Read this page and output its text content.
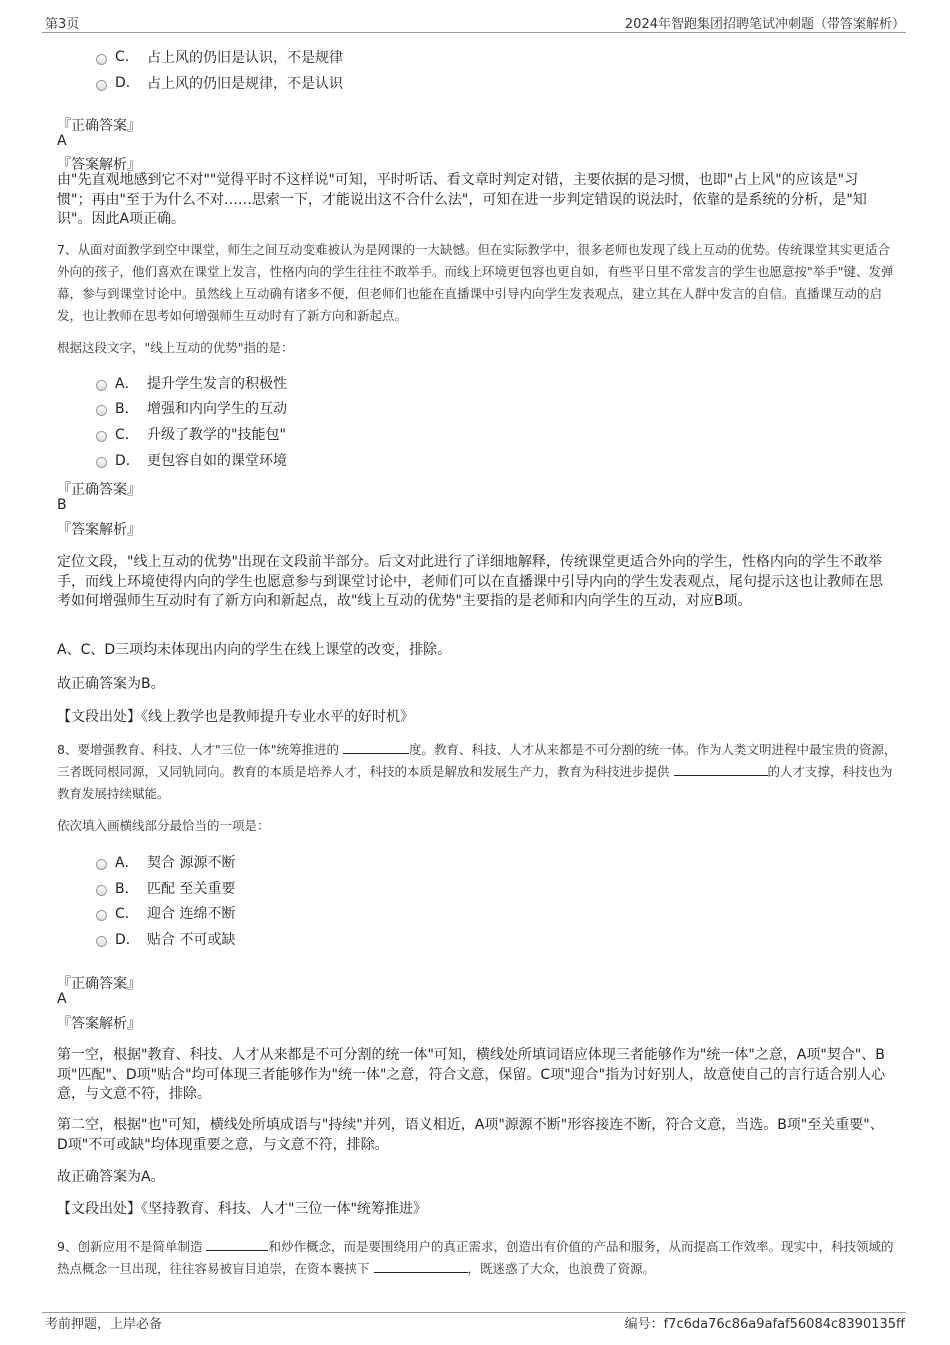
第3页	2024年智跑集团招聘笔试冲刺题（带答案解析）
C.	占上风的仍旧是认识，不是规律
D.	占上风的仍旧是规律，不是认识
『正确答案』
A
『答案解析』
由"先直观地感到它不对""觉得平时不这样说"可知，平时听话、看文章时判定对错，主要依据的是习惯，也即"占上风"的应该是"习惯"；再由"至于为什么不对……思索一下，才能说出这不合什么法"，可知在进一步判定错误的说法时，依靠的是系统的分析，是"知识"。因此A项正确。
7、从面对面教学到空中课堂，师生之间互动变难被认为是网课的一大缺憾。但在实际教学中，很多老师也发现了线上互动的优势。传统课堂其实更适合外向的孩子，他们喜欢在课堂上发言，性格内向的学生往往不敢举手。而线上环境更包容也更自如，有些平日里不常发言的学生也愿意按"举手"键、发弹幕，参与到课堂讨论中。虽然线上互动确有诸多不便，但老师们也能在直播课中引导内向学生发表观点，建立其在人群中发言的自信。直播课互动的启发，也让教师在思考如何增强师生互动时有了新方向和新起点。
根据这段文字，"线上互动的优势"指的是：
A． 提升学生发言的积极性
B． 增强和内向学生的互动
C． 升级了教学的"技能包"
D． 更包容自如的课堂环境
『正确答案』
B
『答案解析』
定位文段，"线上互动的优势"出现在文段前半部分。后文对此进行了详细地解释，传统课堂更适合外向的学生，性格内向的学生不敢举手，而线上环境使得内向的学生也愿意参与到课堂讨论中，老师们可以在直播课中引导内向的学生发表观点，尾句提示这也让教师在思考如何增强师生互动时有了新方向和新起点，故"线上互动的优势"主要指的是老师和内向学生的互动，对应B项。
A、C、D三项均未体现出内向的学生在线上课堂的改变，排除。
故正确答案为B。
【文段出处】《线上教学也是教师提升专业水平的好时机》
8、要增强教育、科技、人才"三位一体"统筹推进的	度。教育、科技、人才从来都是不可分割的统一体。作为人类文明进程中最宝贵的资源，三者既同根同源，又同轨同向。教育的本质是培养人才，科技的本质是解放和发展生产力，教育为科技进步提供	的人才支撑，科技也为教育发展持续赋能。
依次填入画横线部分最恰当的一项是：
A． 契合 源源不断
B． 匹配 至关重要
C． 迎合 连绵不断
D． 贴合 不可或缺
『正确答案』
A
『答案解析』
第一空，根据"教育、科技、人才从来都是不可分割的统一体"可知，横线处所填词语应体现三者能够作为"统一体"之意，A项"契合"、B项"匹配"、D项"贴合"均可体现三者能够作为"统一体"之意，符合文意，保留。C项"迎合"指为讨好别人，故意使自己的言行适合别人心意，与文意不符，排除。
第二空，根据"也"可知，横线处所填成语与"持续"并列，语义相近，A项"源源不断"形容接连不断，符合文意，当选。B项"至关重要"、D项"不可或缺"均体现重要之意，与文意不符，排除。
故正确答案为A。
【文段出处】《坚持教育、科技、人才"三位一体"统筹推进》
9、创新应用不是简单制造	和炒作概念，而是要围绕用户的真正需求，创造出有价值的产品和服务，从而提高工作效率。现实中，科技领域的热点概念一旦出现，往往容易被盲目追崇，在资本裹挟下	，既迷惑了大众，也浪费了资源。
考前押题，上岸必备	编号：f7c6da76c86a9afaf56084c8390135ff
